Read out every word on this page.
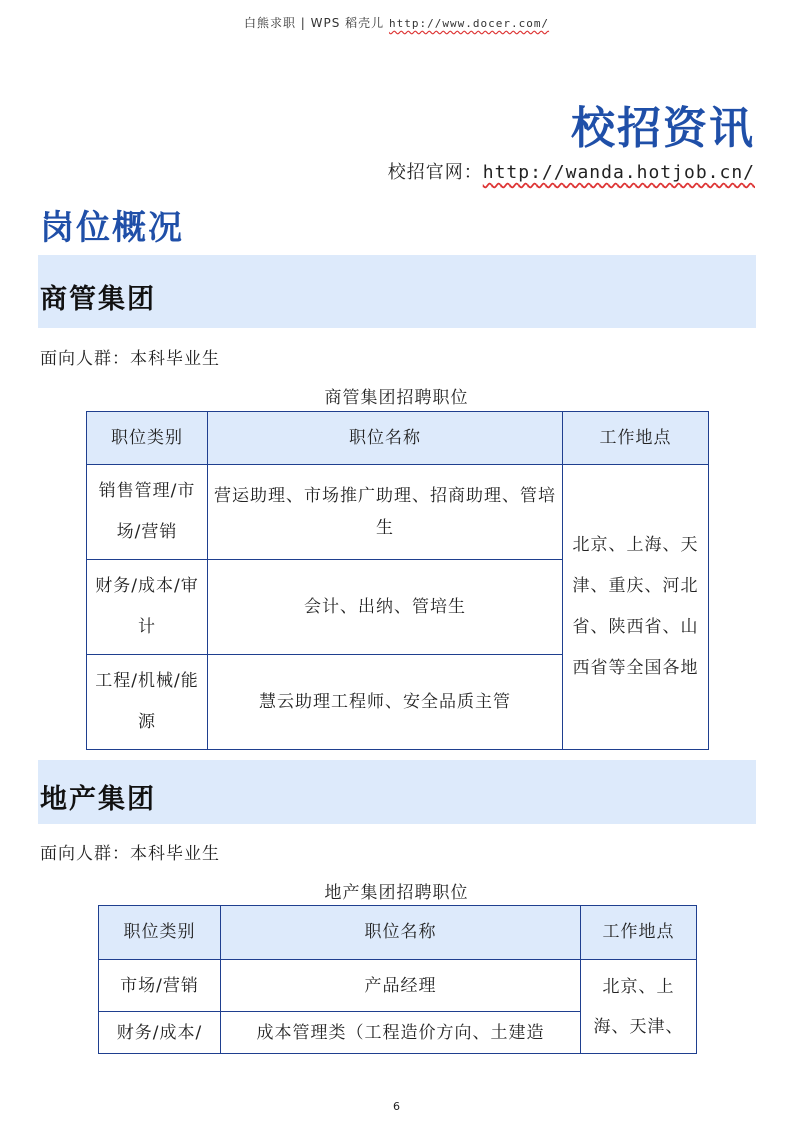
白熊求职 | WPS 稻壳儿 http://www.docer.com/
校招资讯
校招官网：http://wanda.hotjob.cn/
岗位概况
商管集团
面向人群：本科毕业生
商管集团招聘职位
职位类别	职位名称	工作地点
销售管理/市场/营销	营运助理、市场推广助理、招商助理、管培生	北京、上海、天津、重庆、河北省、陕西省、山西省等全国各地
财务/成本/审计	会计、出纳、管培生	
工程/机械/能源	慧云助理工程师、安全品质主管	
地产集团
面向人群：本科毕业生
地产集团招聘职位
职位类别	职位名称	工作地点
市场/营销	产品经理	北京、上海、天津、
财务/成本/	成本管理类（工程造价方向、土建造	
6
